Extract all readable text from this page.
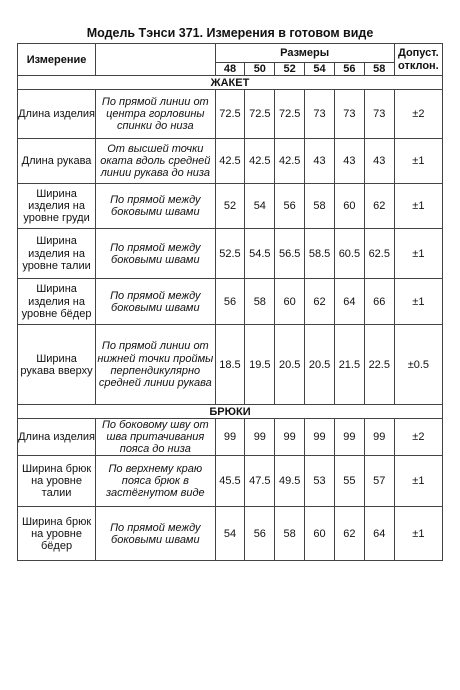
Модель Тэнси 371. Измерения в готовом виде
Измерение		Размеры						Допуст. отклон.
		48	50	52	54	56	58	
ЖАКЕТ								
Длина изделия	По прямой линии от центра горловины спинки до низа	72.5	72.5	72.5	73	73	73	±2
Длина рукава	От высшей точки оката вдоль средней линии рукава до низа	42.5	42.5	42.5	43	43	43	±1
Ширина изделия на уровне груди	По прямой между боковыми швами	52	54	56	58	60	62	±1
Ширина изделия на уровне талии	По прямой между боковыми швами	52.5	54.5	56.5	58.5	60.5	62.5	±1
Ширина изделия на уровне бёдер	По прямой между боковыми швами	56	58	60	62	64	66	±1
Ширина рукава вверху	По прямой линии от нижней точки проймы перпендикулярно средней линии рукава	18.5	19.5	20.5	20.5	21.5	22.5	±0.5
БРЮКИ								
Длина изделия	По боковому шву от шва притачивания пояса до низа	99	99	99	99	99	99	±2
Ширина брюк на уровне талии	По верхнему краю пояса брюк в застёгнутом виде	45.5	47.5	49.5	53	55	57	±1
Ширина брюк на уровне бёдер	По прямой между боковыми швами	54	56	58	60	62	64	±1
